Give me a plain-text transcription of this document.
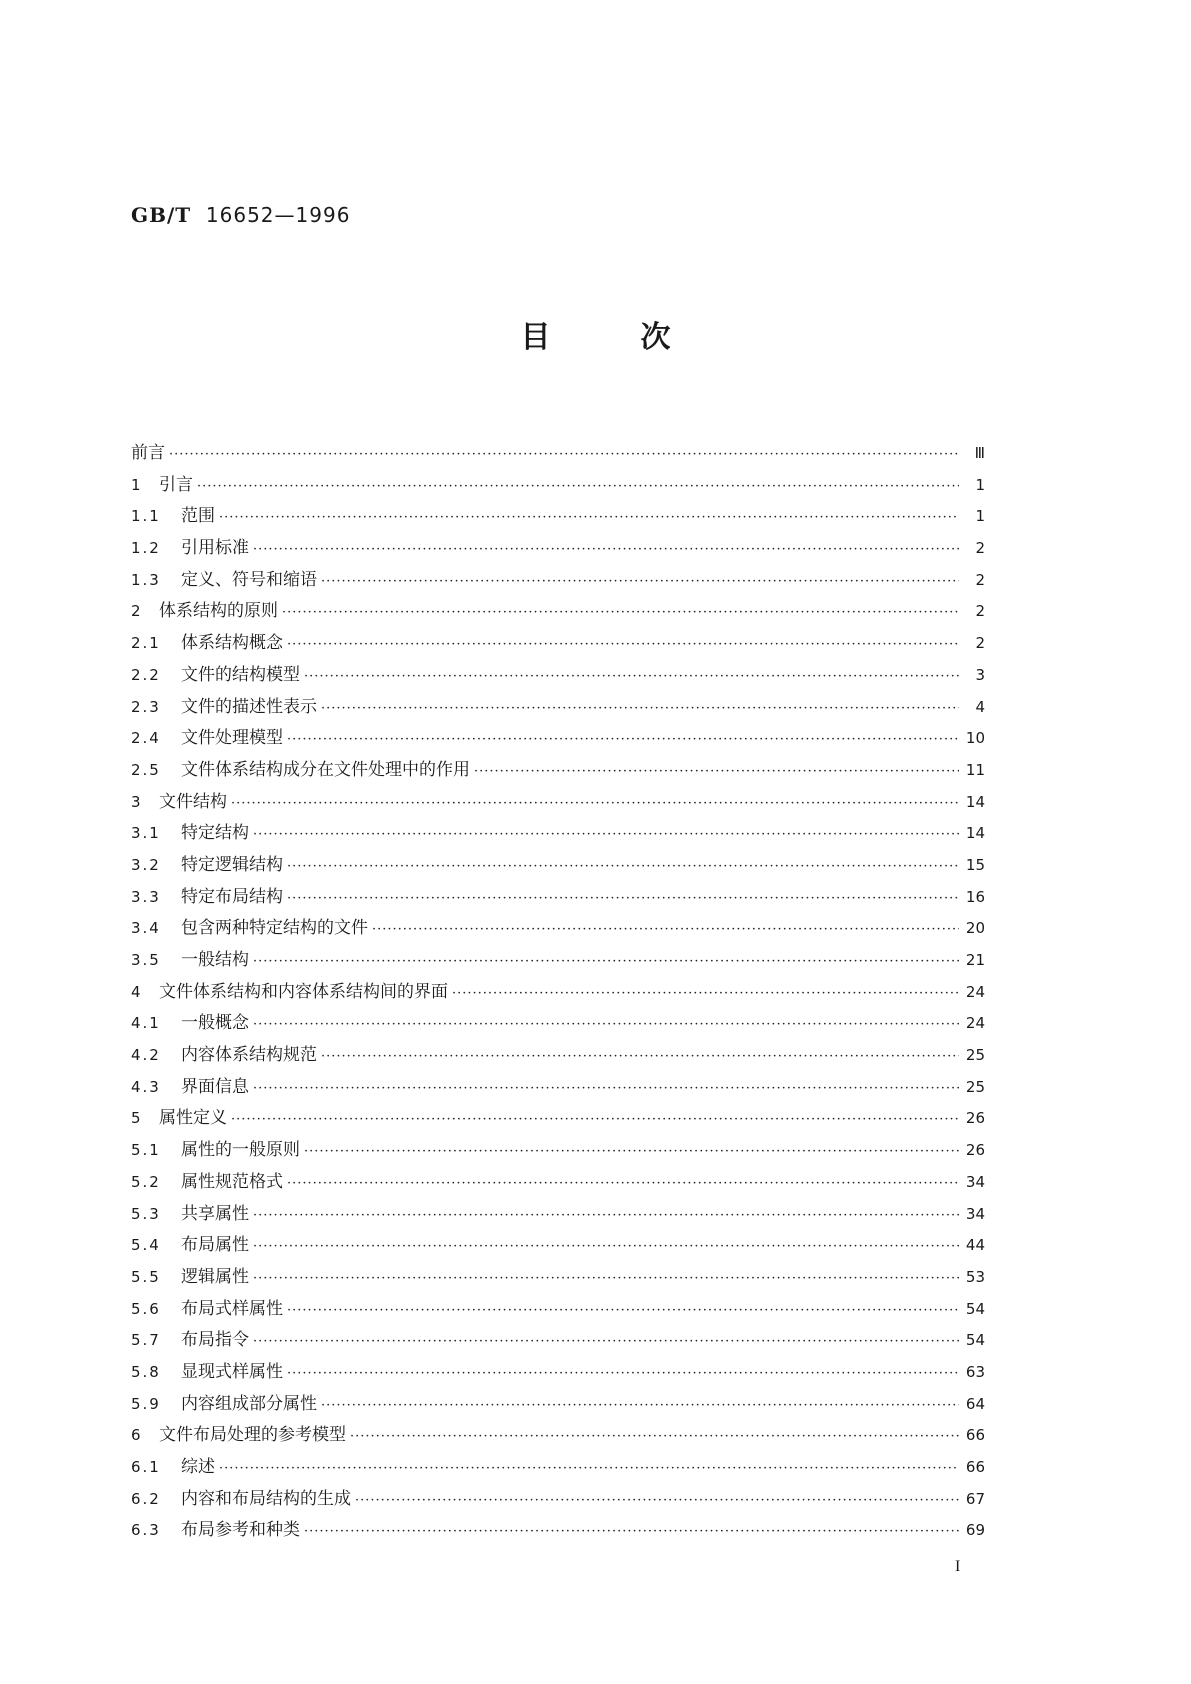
GB/T 16652—1996
目	次
前言 ·····	Ⅲ
1 引言 ·····	1
1.1	范围 ·····	1
1.2	引用标准 ·····	2
1.3	定义、符号和缩语 ·····	2
2 体系结构的原则 ·····	2
2.1	体系结构概念 ·····	2
2.2	文件的结构模型 ·····	3
2.3	文件的描述性表示 ·····	4
2.4	文件处理模型 ·····	10
2.5	文件体系结构成分在文件处理中的作用 ·····	11
3 文件结构 ·····	14
3.1	特定结构 ·····	14
3.2	特定逻辑结构 ·····	15
3.3	特定布局结构 ·····	16
3.4	包含两种特定结构的文件 ·····	20
3.5	一般结构 ·····	21
4 文件体系结构和内容体系结构间的界面 ·····	24
4.1	一般概念 ·····	24
4.2	内容体系结构规范 ·····	25
4.3	界面信息 ·····	25
5 属性定义 ·····	26
5.1	属性的一般原则 ·····	26
5.2	属性规范格式 ·····	34
5.3	共享属性 ·····	34
5.4	布局属性 ·····	44
5.5	逻辑属性 ·····	53
5.6	布局式样属性 ·····	54
5.7	布局指令 ·····	54
5.8	显现式样属性 ·····	63
5.9	内容组成部分属性 ·····	64
6 文件布局处理的参考模型 ·····	66
6.1	综述 ·····	66
6.2	内容和布局结构的生成 ·····	67
6.3	布局参考和种类 ·····	69
I
